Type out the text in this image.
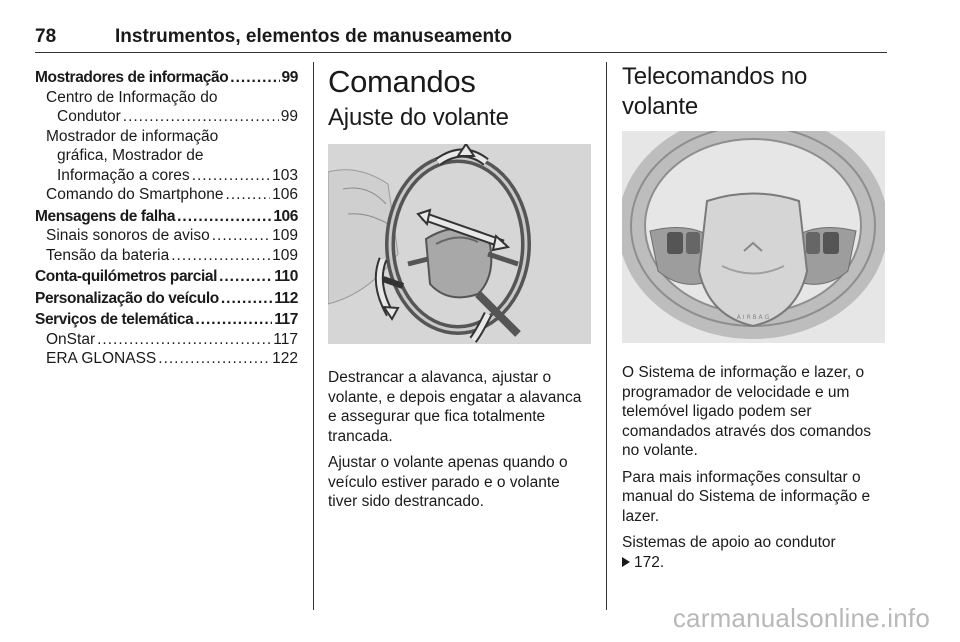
78	Instrumentos, elementos de manuseamento
Mostradores de informação .....	99
Centro de Informação do
Condutor .....	99
Mostrador de informação
gráfica, Mostrador de
Informação a cores .....	103
Comando do Smartphone .....	106
Mensagens de falha .....	106
Sinais sonoros de aviso .....	109
Tensão da bateria .....	109
Conta-quilómetros parcial .....	110
Personalização do veículo .....	112
Serviços de telemática .....	117
OnStar .....	117
ERA GLONASS .....	122
Comandos
Ajuste do volante

Destrancar a alavanca, ajustar o volante, e depois engatar a alavanca e assegurar que fica totalmente trancada.

Ajustar o volante apenas quando o veículo estiver parado e o volante tiver sido destrancado.

Telecomandos no volante
A I R B A G

O Sistema de informação e lazer, o programador de velocidade e um telemóvel ligado podem ser comandados através dos comandos no volante.

Para mais informações consultar o manual do Sistema de informação e lazer.

Sistemas de apoio ao condutor
172.

carmanualsonline.info
